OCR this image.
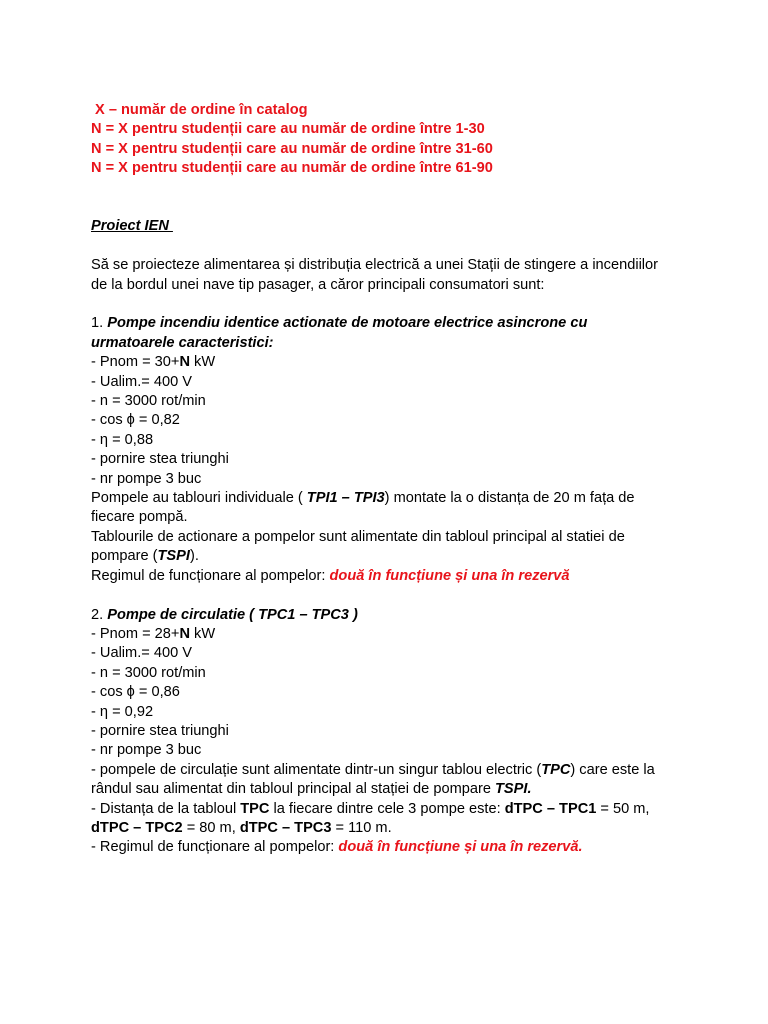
X – număr de ordine în catalog
N = X pentru studenții care au număr de ordine între 1-30
N = X pentru studenții care au număr de ordine între 31-60
N = X pentru studenții care au număr de ordine între 61-90
Proiect IEN
Să se proiecteze alimentarea și distribuția electrică a unei Stații de stingere a incendiilor de la bordul unei nave tip pasager, a căror principali consumatori sunt:
1. Pompe incendiu identice actionate de motoare electrice asincrone cu urmatoarele caracteristici:
- Pnom = 30+N kW
- Ualim.= 400 V
- n = 3000 rot/min
- cos ϕ = 0,82
- η = 0,88
- pornire stea triunghi
- nr pompe 3 buc
Pompele au tablouri individuale ( TPI1 – TPI3) montate la o distanța de 20 m fața de fiecare pompă.
Tablourile de actionare a pompelor sunt alimentate din tabloul principal al statiei de pompare (TSPI).
Regimul de funcționare al pompelor: două în funcțiune și una în rezervă
2. Pompe de circulatie ( TPC1 – TPC3 )
- Pnom = 28+N kW
- Ualim.= 400 V
- n = 3000 rot/min
- cos ϕ = 0,86
- η = 0,92
- pornire stea triunghi
- nr pompe 3 buc
- pompele de circulație sunt alimentate dintr-un singur tablou electric (TPC) care este la rândul sau alimentat din tabloul principal al stației de pompare TSPI.
- Distanța de la tabloul TPC la fiecare dintre cele 3 pompe este: dTPC – TPC1 = 50 m, dTPC – TPC2 = 80 m, dTPC – TPC3 = 110 m.
- Regimul de funcționare al pompelor: două în funcțiune și una în rezervă.
